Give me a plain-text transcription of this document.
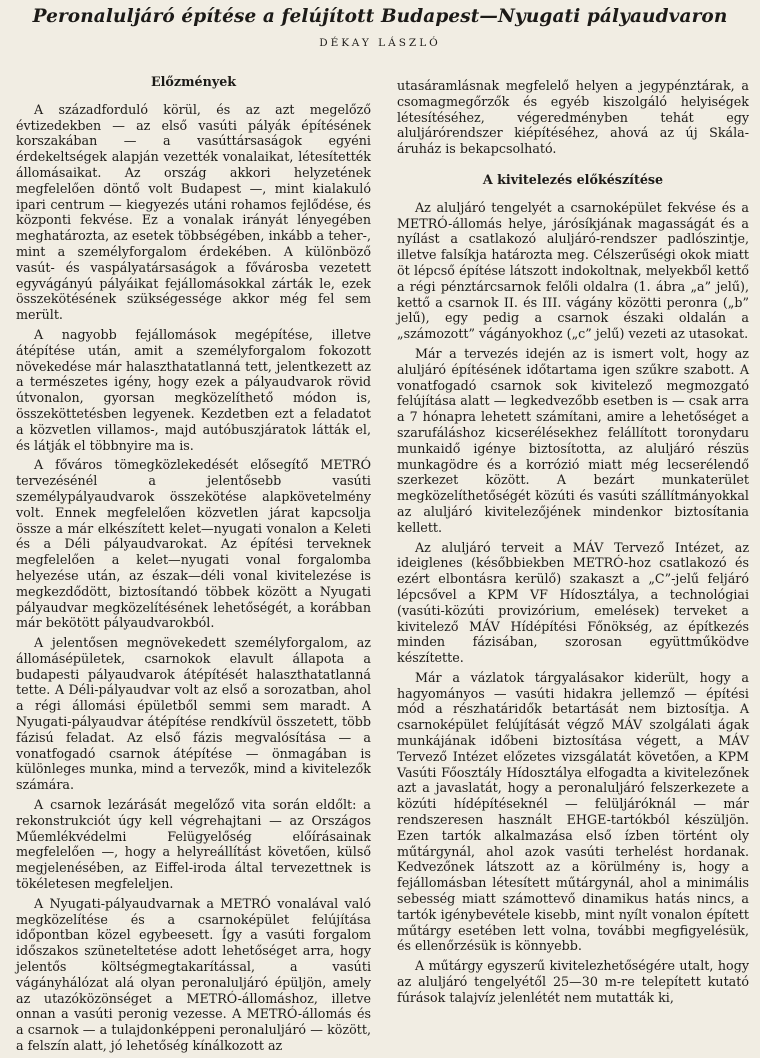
Peronaluljáró építése a felújított Budapest—Nyugati pályaudvaron
DÉKAY LÁSZLÓ
Előzmények

A századforduló körül, és az azt megelőző évtizedekben — az első vasúti pályák építésének korszakában — a vasúttársaságok egyéni érdekeltségek alapján vezették vonalaikat, létesítették állomásaikat. Az ország akkori helyzetének megfelelően döntő volt Budapest —, mint kialakuló ipari centrum — kiegyezés utáni rohamos fejlődése, és központi fekvése. Ez a vonalak irányát lényegében meghatározta, az esetek többségében, inkább a teher-, mint a személyforgalom érdekében. A különböző vasút- és vaspályatársaságok a fővárosba vezetett egyvágányú pályáikat fejállomásokkal zárták le, ezek összekötésének szükségessége akkor még fel sem merült.

A nagyobb fejállomások megépítése, illetve átépítése után, amit a személyforgalom fokozott növekedése már halaszthatatlanná tett, jelentkezett az a természetes igény, hogy ezek a pályaudvarok rövid útvonalon, gyorsan megközelíthető módon is, összeköttetésben legyenek. Kezdetben ezt a feladatot a közvetlen villamos-, majd autóbuszjáratok látták el, és látják el többnyire ma is.

A főváros tömegközlekedését elősegítő METRÓ tervezésénél a jelentősebb vasúti személypályaudvarok összekötése alapkövetelmény volt. Ennek megfelelően közvetlen járat kapcsolja össze a már elkészített kelet—nyugati vonalon a Keleti és a Déli pályaudvarokat. Az építési terveknek megfelelően a kelet—nyugati vonal forgalomba helyezése után, az észak—déli vonal kivitelezése is megkezdődött, biztosítandó többek között a Nyugati pályaudvar megközelítésének lehetőségét, a korábban már bekötött pályaudvarokból.

A jelentősen megnövekedett személyforgalom, az állomásépületek, csarnokok elavult állapota a budapesti pályaudvarok átépítését halaszthatatlanná tette. A Déli-pályaudvar volt az első a sorozatban, ahol a régi állomási épületből semmi sem maradt. A Nyugati-pályaudvar átépítése rendkívül összetett, több fázisú feladat. Az első fázis megvalósítása — a vonatfogadó csarnok átépítése — önmagában is különleges munka, mind a tervezők, mind a kivitelezők számára.

A csarnok lezárását megelőző vita során eldőlt: a rekonstrukciót úgy kell végrehajtani — az Országos Műemlékvédelmi Felügyelőség előírásainak megfelelően —, hogy a helyreállítást követően, külső megjelenésében, az Eiffel-iroda által tervezettnek is tökéletesen megfeleljen.

A Nyugati-pályaudvarnak a METRÓ vonalával való megközelítése és a csarnoképület felújítása időpontban közel egybeesett. Így a vasúti forgalom időszakos szüneteltetése adott lehetőséget arra, hogy jelentős költségmegtakarítással, a vasúti vágányhálózat alá olyan peronaluljáró épüljön, amely az utazóközönséget a METRÓ-állomáshoz, illetve onnan a vasúti peronig vezesse. A METRÓ-állomás és a csarnok — a tulajdonképpeni peronaluljáró — között, a felszín alatt, jó lehetőség kínálkozott az

utasáramlásnak megfelelő helyen a jegypénztárak, a csomagmegőrzők és egyéb kiszolgáló helyiségek létesítéséhez, végeredményben tehát egy aluljárórendszer kiépítéséhez, ahová az új Skála-áruház is bekapcsolható.

A kivitelezés előkészítése

Az aluljáró tengelyét a csarnoképület fekvése és a METRÓ-állomás helye, járósíkjának magasságát és a nyílást a csatlakozó aluljáró-rendszer padlószintje, illetve falsíkja határozta meg. Célszerűségi okok miatt öt lépcső építése látszott indokoltnak, melyekből kettő a régi pénztárcsarnok felőli oldalra (1. ábra „a” jelű), kettő a csarnok II. és III. vágány közötti peronra („b” jelű), egy pedig a csarnok északi oldalán a „számozott” vágányokhoz („c” jelű) vezeti az utasokat.

Már a tervezés idején az is ismert volt, hogy az aluljáró építésének időtartama igen szűkre szabott. A vonatfogadó csarnok sok kivitelező megmozgató felújítása alatt — legkedvezőbb esetben is — csak arra a 7 hónapra lehetett számítani, amire a lehetőséget a szarufáláshoz kicserélésekhez felállított toronydaru munkaidő igénye biztosította, az aluljáró részüs munkagödre és a korrózió miatt még lecserélendő szerkezet között. A bezárt munkaterület megközelíthetőségét közúti és vasúti szállítmányokkal az aluljáró kivitelezőjének mindenkor biztosítania kellett.

Az aluljáró terveit a MÁV Tervező Intézet, az ideiglenes (későbbiekben METRÓ-hoz csatlakozó és ezért elbontásra kerülő) szakaszt a „C”-jelű feljáró lépcsővel a KPM VF Hídosztálya, a technológiai (vasúti-közúti provizórium, emelések) terveket a kivitelező MÁV Hídépítési Főnökség, az építkezés minden fázisában, szorosan együttműködve készítette.

Már a vázlatok tárgyalásakor kiderült, hogy a hagyományos — vasúti hidakra jellemző — építési mód a részhatáridők betartását nem biztosítja. A csarnoképület felújítását végző MÁV szolgálati ágak munkájának időbeni biztosítása végett, a MÁV Tervező Intézet előzetes vizsgálatát követően, a KPM Vasúti Főosztály Hídosztálya elfogadta a kivitelezőnek azt a javaslatát, hogy a peronaluljáró felszerkezete a közúti hídépítéseknél — felüljáróknál — már rendszeresen használt EHGE-tartókból készüljön. Ezen tartók alkalmazása első ízben történt oly műtárgynál, ahol azok vasúti terhelést hordanak. Kedvezőnek látszott az a körülmény is, hogy a fejállomásban létesített műtárgynál, ahol a minimális sebesség miatt számottevő dinamikus hatás nincs, a tartók igénybevétele kisebb, mint nyílt vonalon épített műtárgy esetében lett volna, további megfigyelésük, és ellenőrzésük is könnyebb.

A műtárgy egyszerű kivitelezhetőségére utalt, hogy az aluljáró tengelyétől 25—30 m-re telepített kutató fúrások talajvíz jelenlétét nem mutatták ki,
